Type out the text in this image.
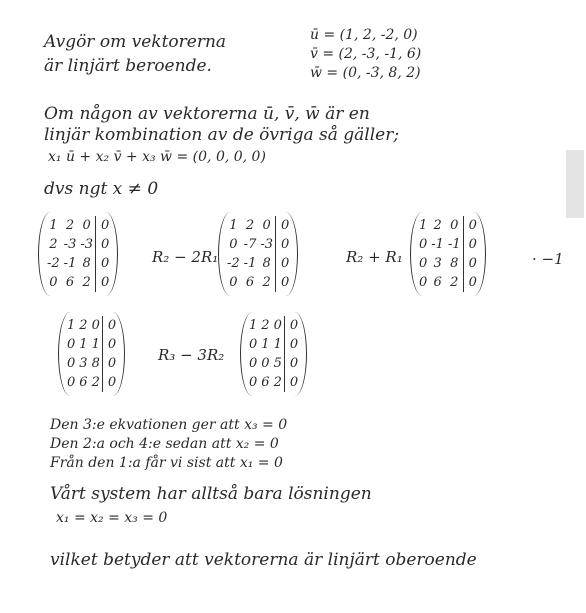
Avgör om vektorerna
är linjärt beroende.
ū = (1, 2, -2, 0)
v̄ = (2, -3, -1, 6)
w̄ = (0, -3, 8, 2)
Om någon av vektorerna ū, v̄, w̄ är en
linjär kombination av de övriga så gäller;
x₁ ū + x₂ v̄ + x₃ w̄ = (0, 0, 0, 0)
dvs ngt x ≠ 0
1	2	0	0
2	-3	-3	0
-2	-1	8	0
0	6	2	0
R₂ − 2R₁
1	2	0	0
0	-7	-3	0
-2	-1	8	0
0	6	2	0
R₂ + R₁
1	2	0	0
0	-1	-1	0
0	3	8	0
0	6	2	0
· −1
1	2	0	0
0	1	1	0
0	3	8	0
0	6	2	0
R₃ − 3R₂
1	2	0	0
0	1	1	0
0	0	5	0
0	6	2	0
Den 3:e ekvationen ger att x₃ = 0
Den 2:a och 4:e sedan att x₂ = 0
Från den 1:a får vi sist att x₁ = 0
Vårt system har alltså bara lösningen
x₁ = x₂ = x₃ = 0
vilket betyder att vektorerna är linjärt oberoende
